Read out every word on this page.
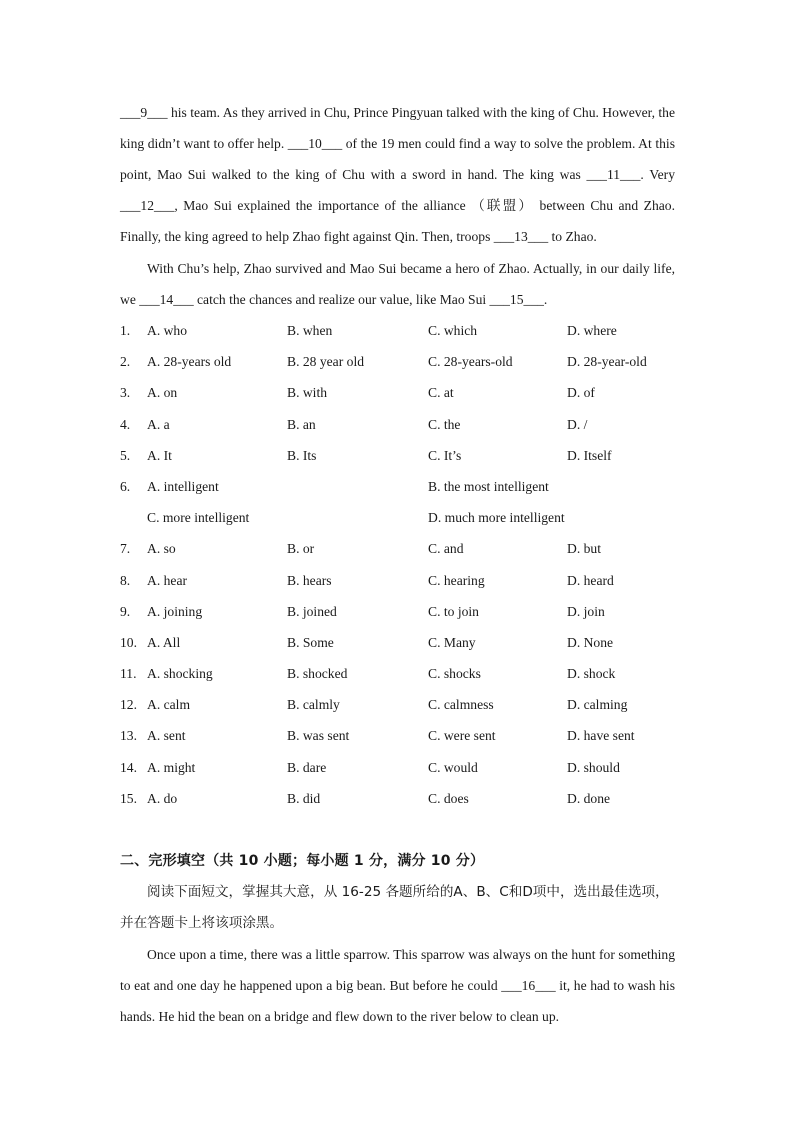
___9___ his team. As they arrived in Chu, Prince Pingyuan talked with the king of Chu. However, the king didn’t want to offer help. ___10___ of the 19 men could find a way to solve the problem. At this point, Mao Sui walked to the king of Chu with a sword in hand. The king was ___11___. Very ___12___, Mao Sui explained the importance of the alliance （联盟） between Chu and Zhao. Finally, the king agreed to help Zhao fight against Qin. Then, troops ___13___ to Zhao.

With Chu’s help, Zhao survived and Mao Sui became a hero of Zhao. Actually, in our daily life, we ___14___ catch the chances and realize our value, like Mao Sui ___15___.

1. A. who	B. when	C. which	D. where
2. A. 28-years old	B. 28 year old	C. 28-years-old	D. 28-year-old
3. A. on	B. with	C. at	D. of
4. A. a	B. an	C. the	D. /
5. A. It	B. Its	C. It’s	D. Itself
6. A. intelligent	B. the most intelligent
C. more intelligent	D. much more intelligent
7. A. so	B. or	C. and	D. but
8. A. hear	B. hears	C. hearing	D. heard
9. A. joining	B. joined	C. to join	D. join
10. A. All	B. Some	C. Many	D. None
11. A. shocking	B. shocked	C. shocks	D. shock
12. A. calm	B. calmly	C. calmness	D. calming
13. A. sent	B. was sent	C. were sent	D. have sent
14. A. might	B. dare	C. would	D. should
15. A. do	B. did	C. does	D. done
二、完形填空（共 10 小题；每小题 1 分，满分 10 分）

阅读下面短文，掌握其大意，从 16-25 各题所给的A、B、C和D项中，选出最佳选项，并在答题卡上将该项涂黑。

Once upon a time, there was a little sparrow. This sparrow was always on the hunt for something to eat and one day he happened upon a big bean. But before he could ___16___ it, he had to wash his hands. He hid the bean on a bridge and flew down to the river below to clean up.
